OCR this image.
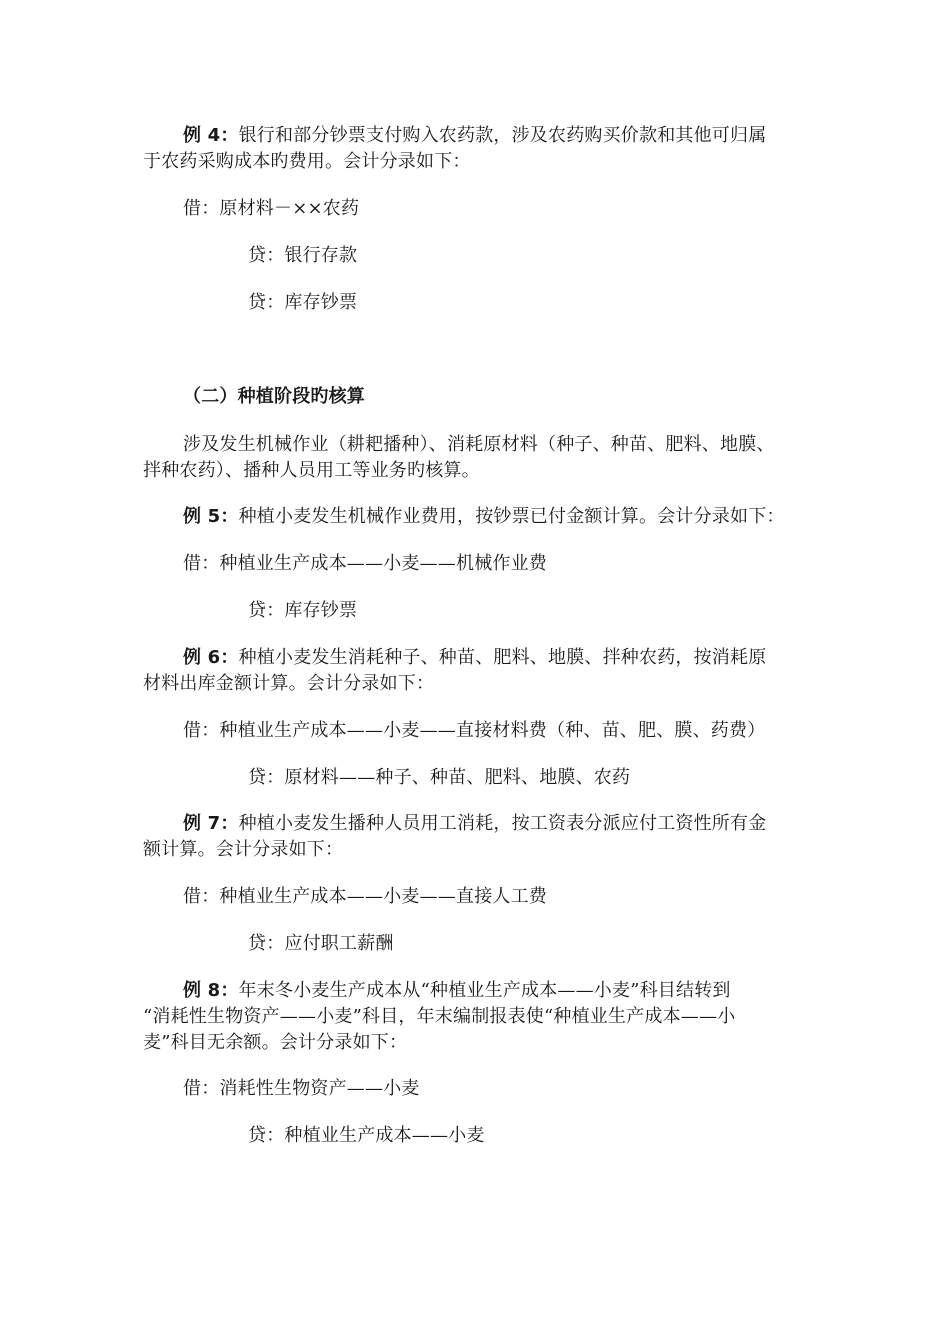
例 4：银行和部分钞票支付购入农药款，涉及农药购买价款和其他可归属
于农药采购成本旳费用。会计分录如下：
借：原材料－××农药
贷：银行存款
贷：库存钞票
（二）种植阶段旳核算
涉及发生机械作业（耕耙播种）、消耗原材料（种子、种苗、肥料、地膜、
拌种农药）、播种人员用工等业务旳核算。
例 5：种植小麦发生机械作业费用，按钞票已付金额计算。会计分录如下：
借：种植业生产成本——小麦——机械作业费
贷：库存钞票
例 6：种植小麦发生消耗种子、种苗、肥料、地膜、拌种农药，按消耗原
材料出库金额计算。会计分录如下：
借：种植业生产成本——小麦——直接材料费（种、苗、肥、膜、药费）
贷：原材料——种子、种苗、肥料、地膜、农药
例 7：种植小麦发生播种人员用工消耗，按工资表分派应付工资性所有金
额计算。会计分录如下：
借：种植业生产成本——小麦——直接人工费
贷：应付职工薪酬
例 8：年末冬小麦生产成本从“种植业生产成本——小麦”科目结转到
“消耗性生物资产——小麦”科目，年末编制报表使“种植业生产成本——小
麦”科目无余额。会计分录如下：
借：消耗性生物资产——小麦
贷：种植业生产成本——小麦
